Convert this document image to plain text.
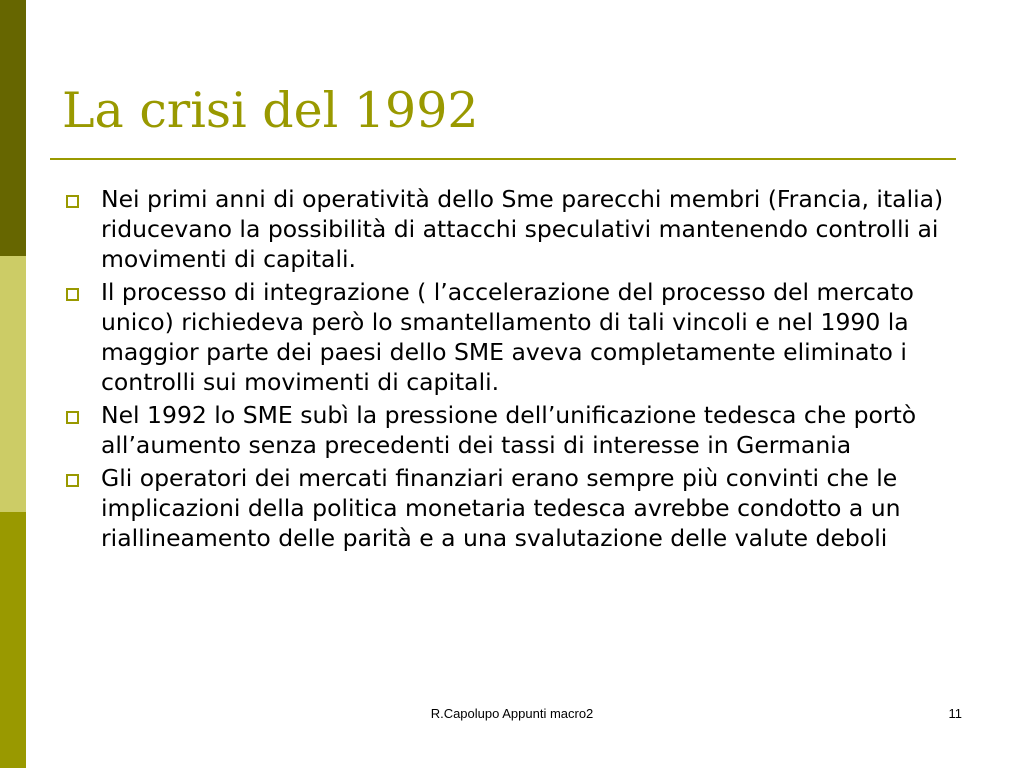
La crisi del 1992
Nei primi anni di operatività dello Sme parecchi membri (Francia, italia) riducevano la possibilità di attacchi speculativi mantenendo controlli ai movimenti di capitali.
Il processo di integrazione ( l’accelerazione del processo del mercato unico) richiedeva però lo smantellamento di tali vincoli e nel 1990 la maggior parte dei paesi dello SME aveva completamente eliminato i controlli sui movimenti di capitali.
Nel 1992 lo SME subì la pressione dell’unificazione tedesca che portò all’aumento senza precedenti dei tassi di interesse in Germania
Gli operatori dei mercati finanziari erano sempre più convinti che le implicazioni della politica monetaria tedesca avrebbe condotto a un riallineamento delle parità e a una svalutazione delle valute deboli
R.Capolupo Appunti macro2	11
